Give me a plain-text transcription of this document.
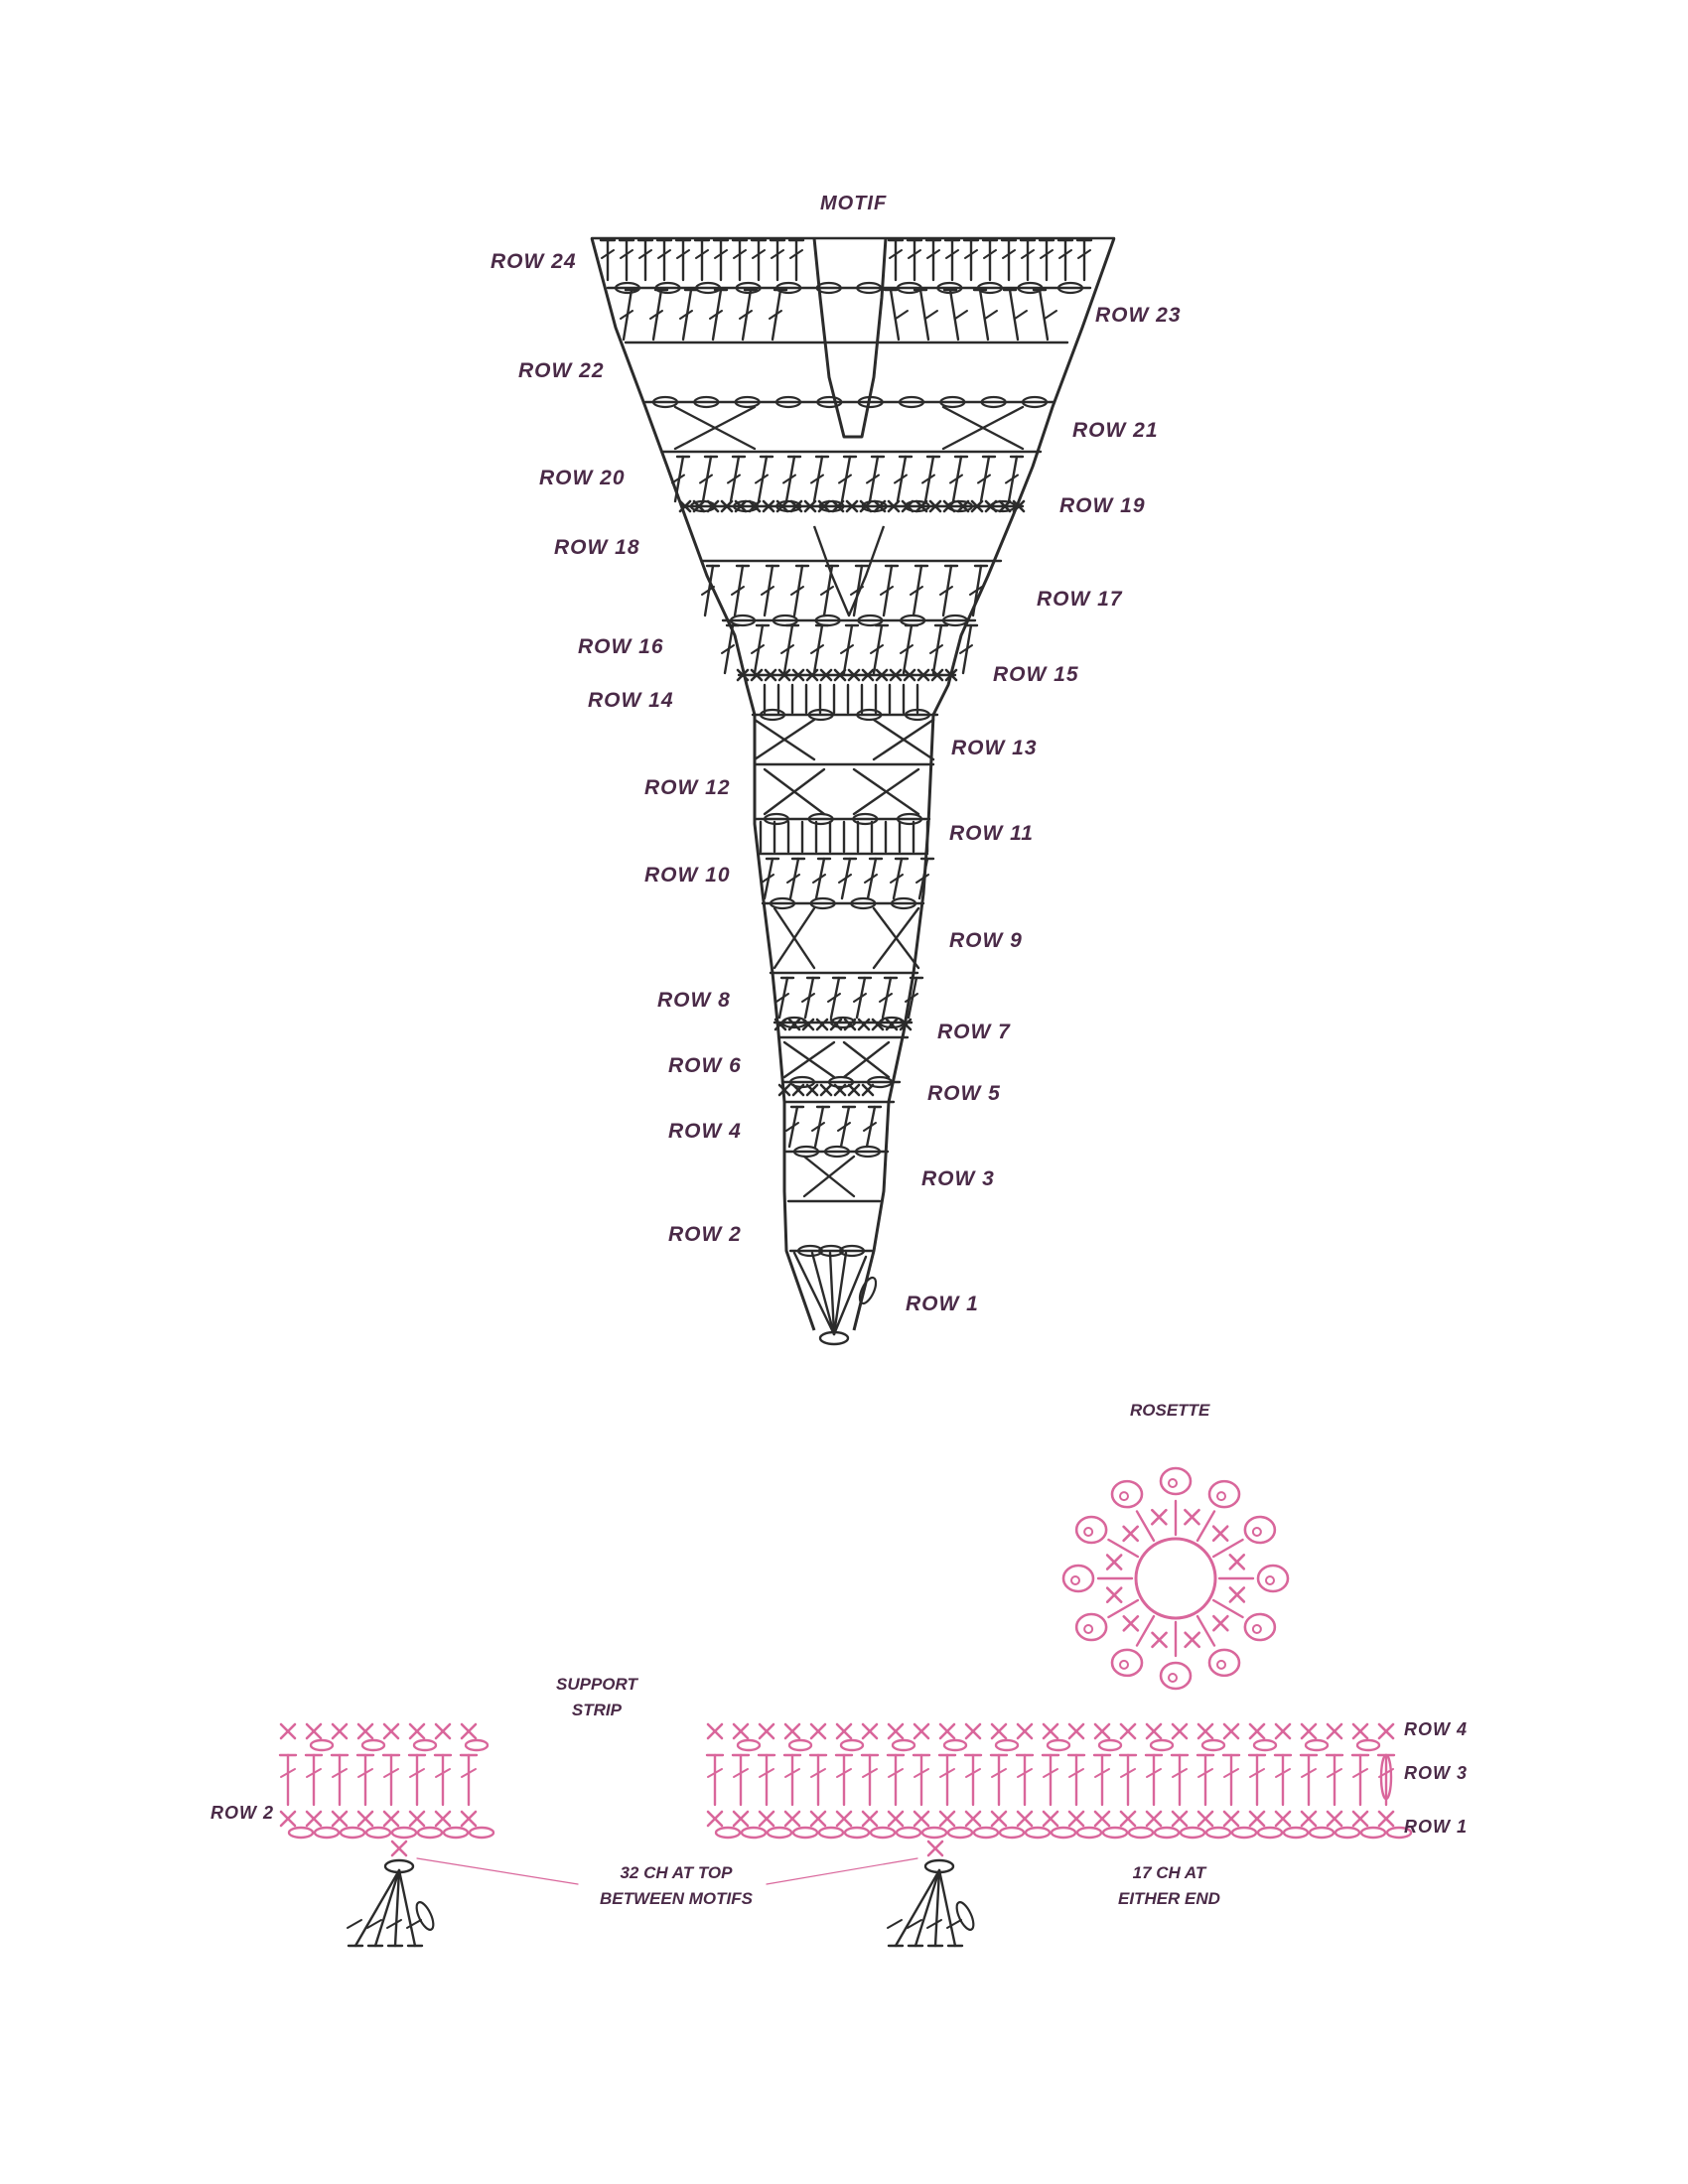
MOTIF
ROW 24
ROW 22
ROW 20
ROW 18
ROW 16
ROW 14
ROW 12
ROW 10
ROW 8
ROW 6
ROW 4
ROW 2
ROW 23
ROW 21
ROW 19
ROW 17
ROW 15
ROW 13
ROW 11
ROW 9
ROW 7
ROW 5
ROW 3
ROW 1
ROSETTE
SUPPORT
STRIP
ROW 2
ROW 4
ROW 3
ROW 1
32 CH AT TOP
BETWEEN MOTIFS
17 CH AT
EITHER END
